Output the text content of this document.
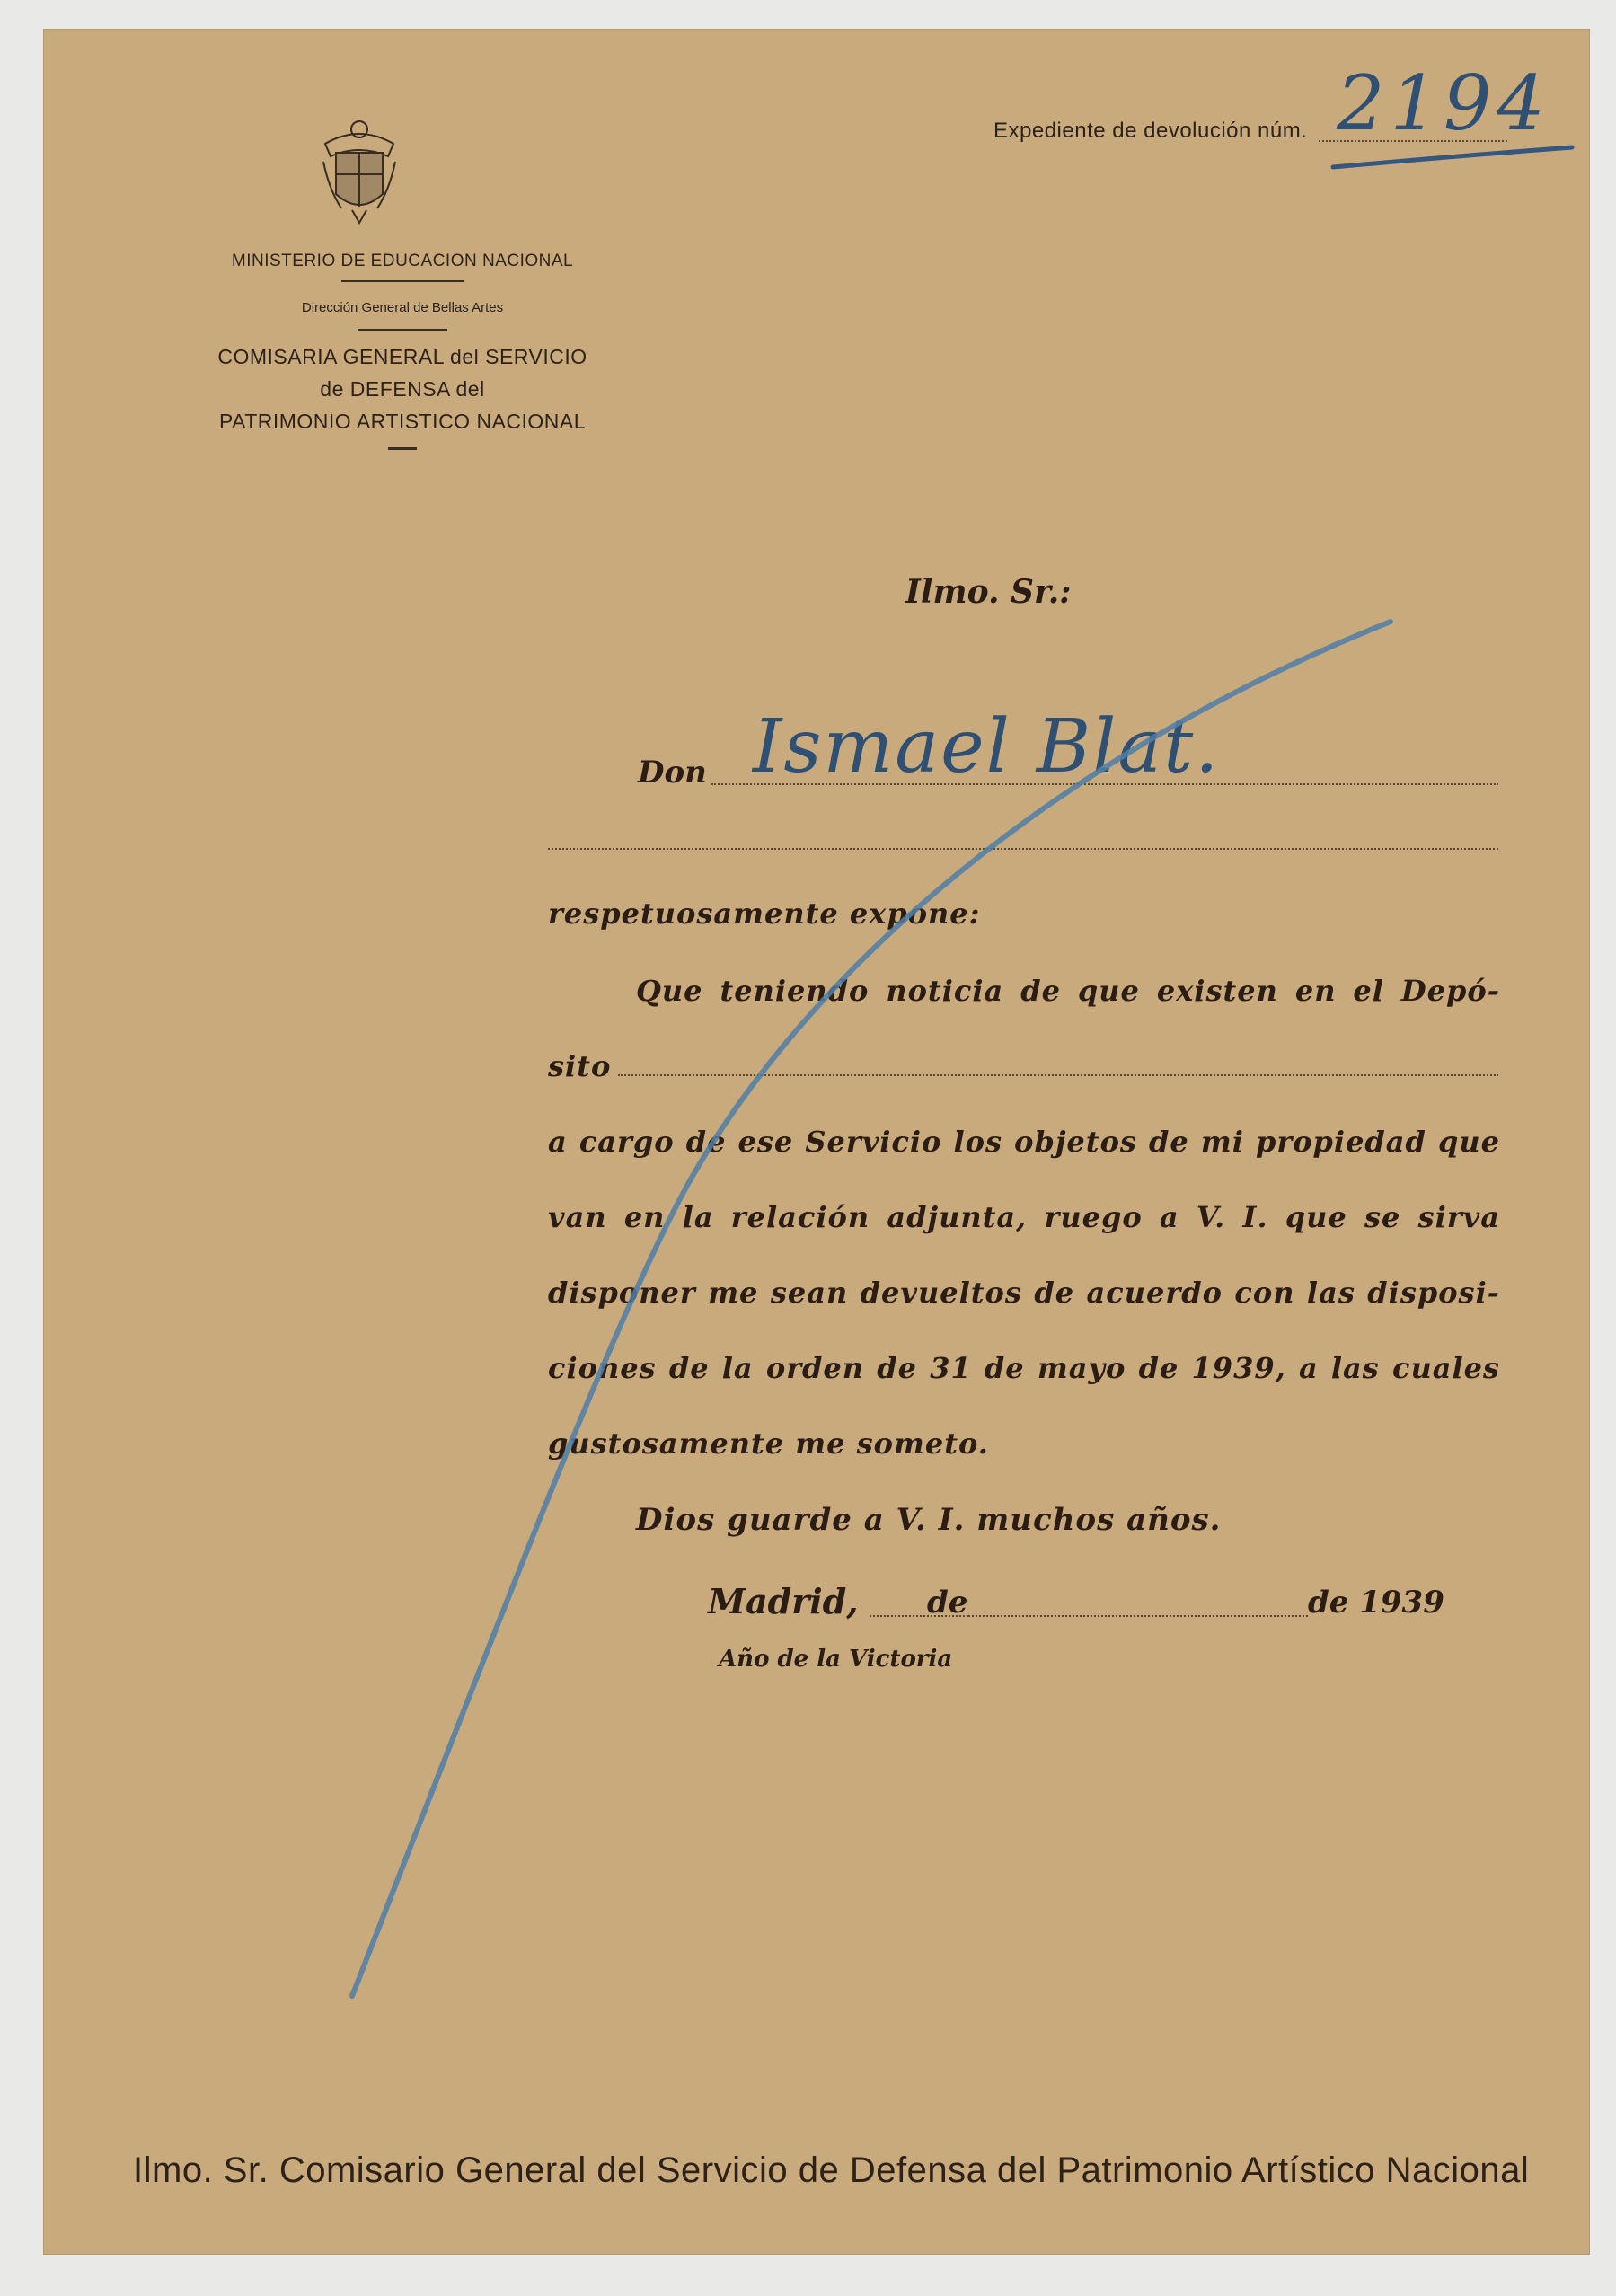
MINISTERIO DE EDUCACION NACIONAL
Dirección General de Bellas Artes
COMISARIA GENERAL del SERVICIO
de DEFENSA del
PATRIMONIO ARTISTICO NACIONAL
Expediente de devolución núm. 2194
Ilmo. Sr.:
Don Ismael Blat.
respetuosamente expone:
Que teniendo noticia de que existen en el Depó-
sito
a cargo de ese Servicio los objetos de mi propiedad que
van en la relación adjunta, ruego a V. I. que se sirva
disponer me sean devueltos de acuerdo con las disposi-
ciones de la orden de 31 de mayo de 1939, a las cuales
gustosamente me someto.
Dios guarde a V. I. muchos años.
Madrid, de	de 1939
Año de la Victoria
Ilmo. Sr. Comisario General del Servicio de Defensa del Patrimonio Artístico Nacional
